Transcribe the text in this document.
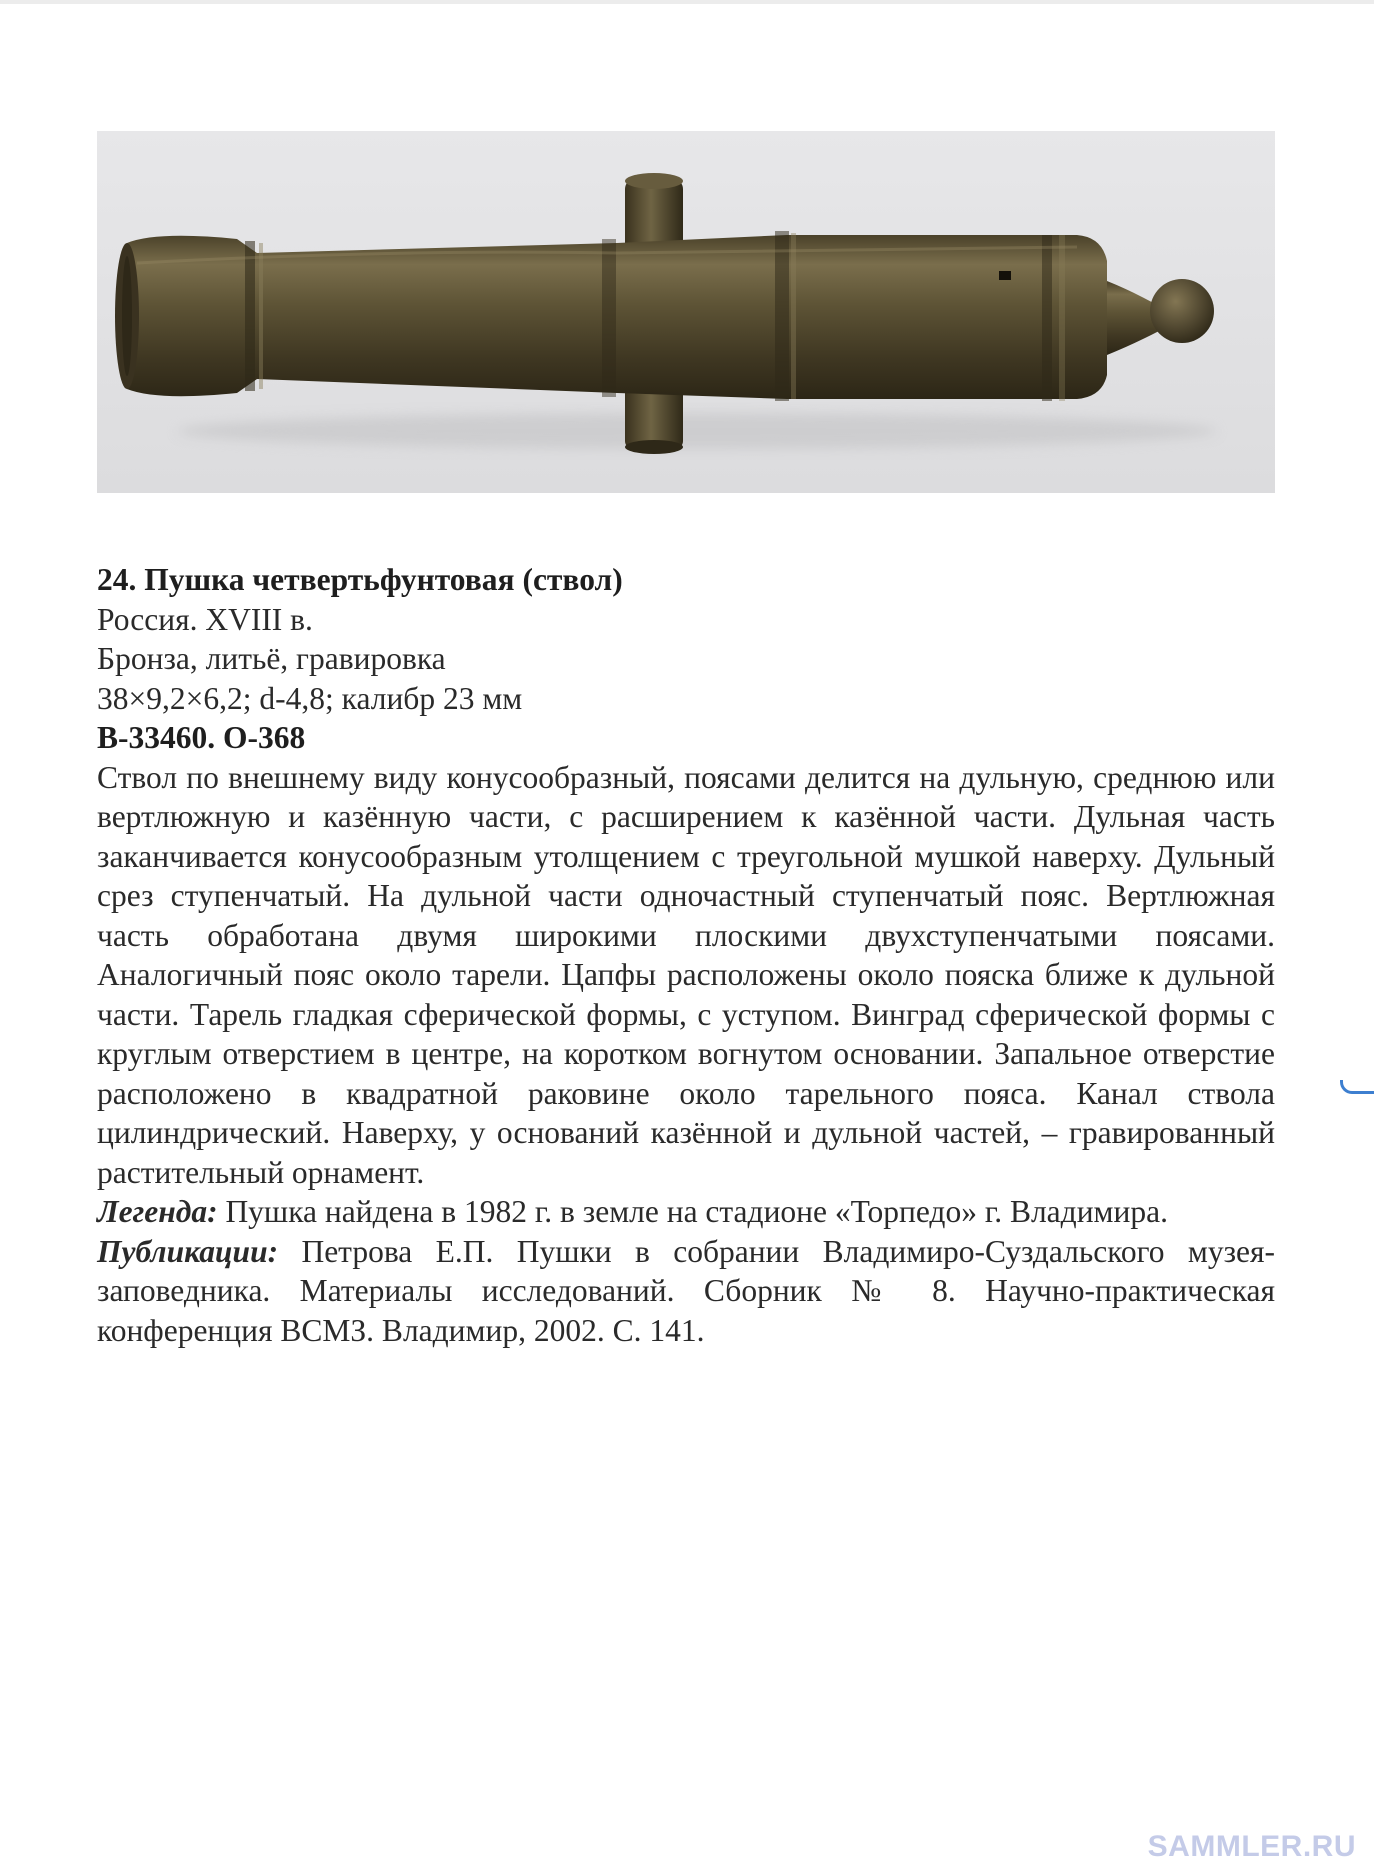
24. Пушка четвертьфунтовая (ствол)

Россия. XVIII в.

Бронза, литьё, гравировка

38×9,2×6,2; d-4,8; калибр 23 мм

В-33460. О-368

Ствол по внешнему виду конусообразный, поясами делится на дульную, среднюю или вертлюжную и казённую части, с расширением к казённой части. Дульная часть заканчивается конусообразным утолщением с треугольной мушкой наверху. Дульный срез ступенчатый. На дульной части одночастный ступенчатый пояс. Вертлюжная часть обработана двумя широкими плоскими двухступенчатыми поясами. Аналогичный пояс около тарели. Цапфы расположены около пояска ближе к дульной части. Тарель гладкая сферической формы, с уступом. Винград сферической формы с круглым отверстием в центре, на коротком вогнутом основании. Запальное отверстие расположено в квадратной раковине около тарельного пояса. Канал ствола цилиндрический. Наверху, у оснований казённой и дульной частей, – гравированный растительный орнамент.

Легенда: Пушка найдена в 1982 г. в земле на стадионе «Торпедо» г. Владимира.

Публикации: Петрова Е.П. Пушки в собрании Владимиро-Суздальского музея-заповедника. Материалы исследований. Сборник № 8. Научно-практическая конференция ВСМЗ. Владимир, 2002. С. 141.

SAMMLER.RU
